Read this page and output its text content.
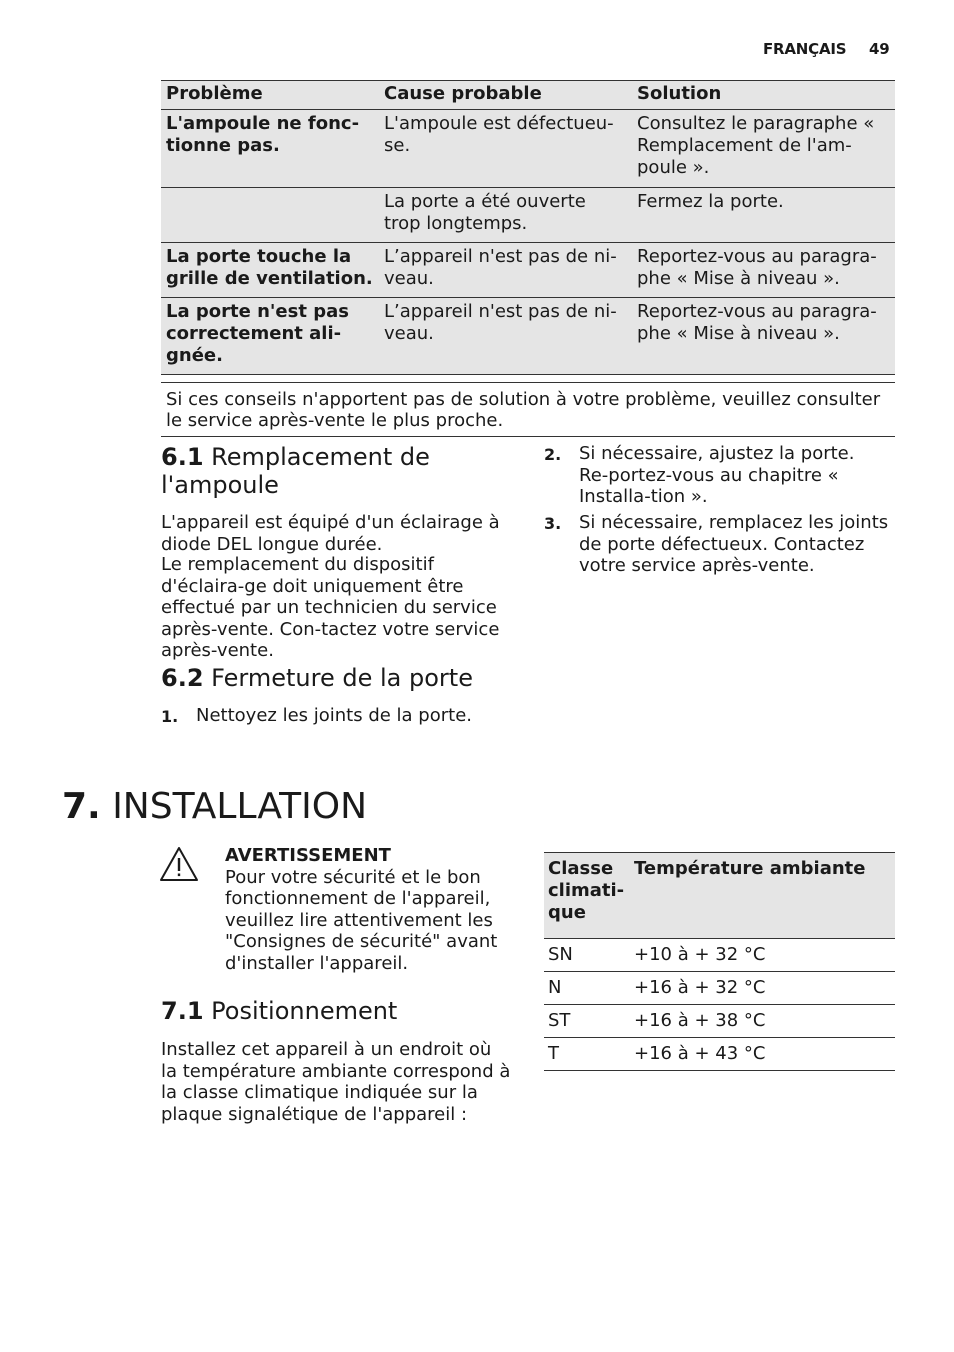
FRANÇAIS 49
Problème	Cause probable	Solution
L'ampoule ne fonc-tionne pas.	L'ampoule est défectueu-se.	Consultez le paragraphe « Remplacement de l'am-poule ».
	La porte a été ouverte trop longtemps.	Fermez la porte.
La porte touche la grille de ventilation.	L’appareil n'est pas de ni-veau.	Reportez-vous au paragra-phe « Mise à niveau ».
La porte n'est pas correctement ali-gnée.	L’appareil n'est pas de ni-veau.	Reportez-vous au paragra-phe « Mise à niveau ».
Si ces conseils n'apportent pas de solution à votre problème, veuillez consulter le service après-vente le plus proche.
6.1 Remplacement de l'ampoule
L'appareil est équipé d'un éclairage à diode DEL longue durée.
Le remplacement du dispositif d'éclaira-ge doit uniquement être effectué par un technicien du service après-vente. Con-tactez votre service après-vente.
6.2 Fermeture de la porte
1. Nettoyez les joints de la porte.
2. Si nécessaire, ajustez la porte. Re-portez-vous au chapitre « Installa-tion ».
3. Si nécessaire, remplacez les joints de porte défectueux. Contactez votre service après-vente.
7. INSTALLATION
AVERTISSEMENT
Pour votre sécurité et le bon fonctionnement de l'appareil, veuillez lire attentivement les "Consignes de sécurité" avant d'installer l'appareil.
7.1 Positionnement
Installez cet appareil à un endroit où la température ambiante correspond à la classe climatique indiquée sur la plaque signalétique de l'appareil :
Classe climati-que	Température ambiante
SN	+10 à + 32 °C
N	+16 à + 32 °C
ST	+16 à + 38 °C
T	+16 à + 43 °C
